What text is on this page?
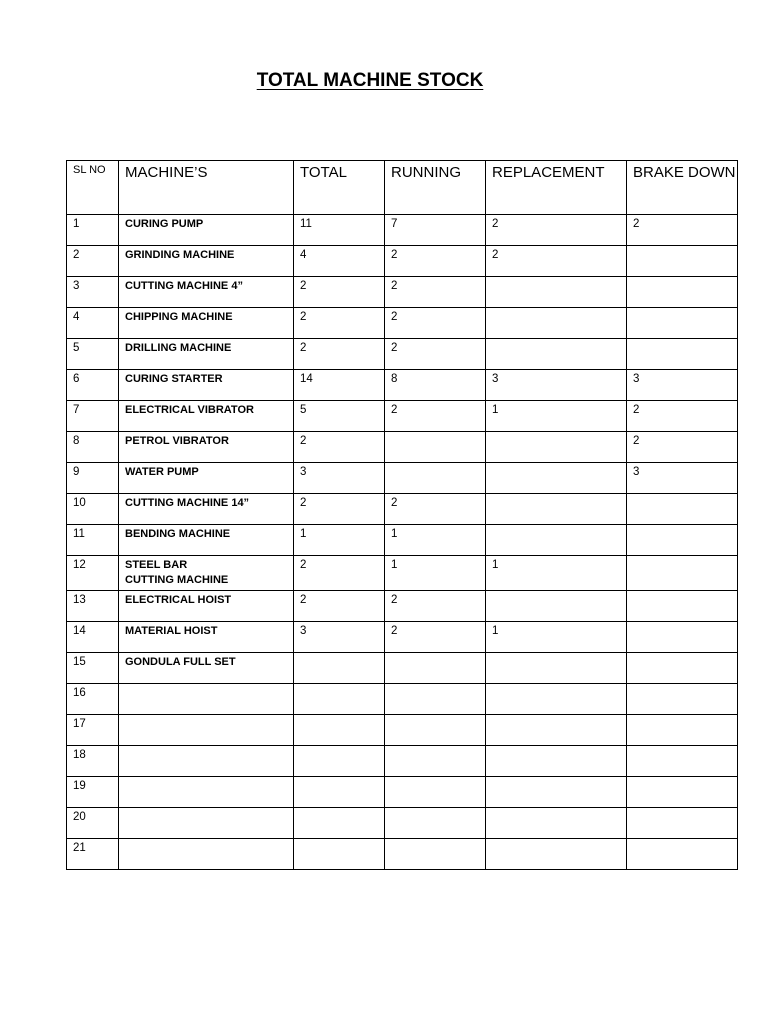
TOTAL MACHINE STOCK
SL NO	MACHINE’S	TOTAL	RUNNING	REPLACEMENT	BRAKE DOWN
1	CURING PUMP	11	7	2	2
2	GRINDING MACHINE	4	2	2	
3	CUTTING MACHINE 4”	2	2		
4	CHIPPING MACHINE	2	2		
5	DRILLING MACHINE	2	2		
6	CURING STARTER	14	8	3	3
7	ELECTRICAL VIBRATOR	5	2	1	2
8	PETROL VIBRATOR	2			2
9	WATER PUMP	3			3
10	CUTTING MACHINE 14”	2	2		
11	BENDING MACHINE	1	1		
12	STEEL BAR
CUTTING MACHINE	2	1	1	
13	ELECTRICAL HOIST	2	2		
14	MATERIAL HOIST	3	2	1	
15	GONDULA FULL SET				
16					
17					
18					
19					
20					
21					
